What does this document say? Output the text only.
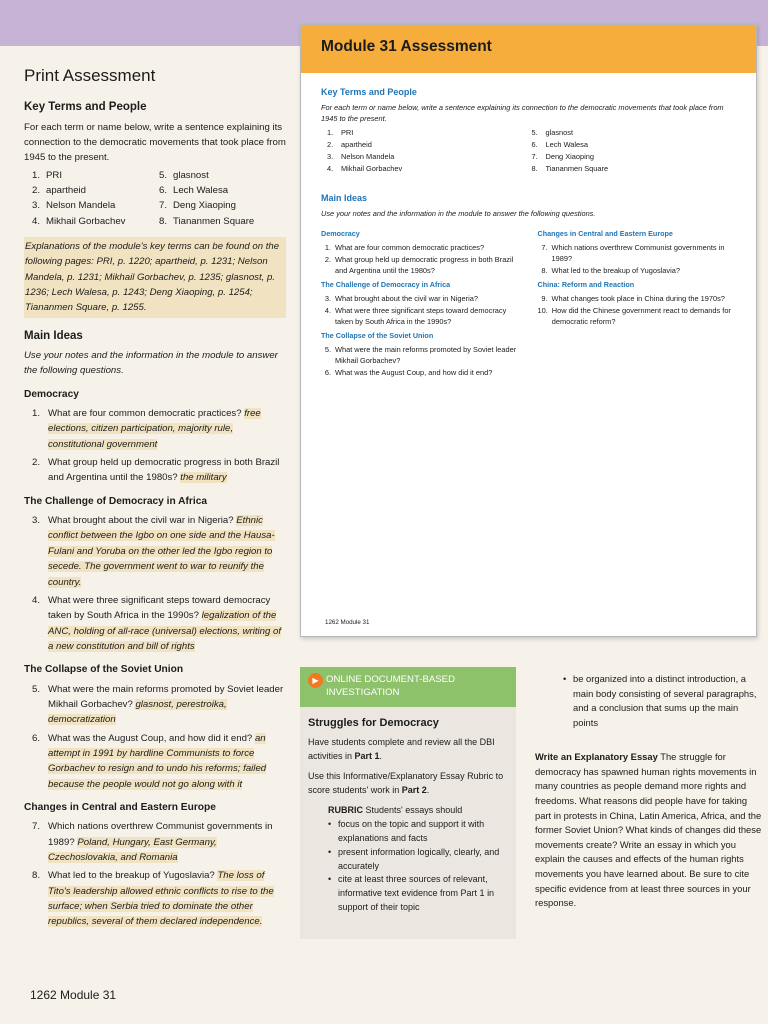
Print Assessment
Key Terms and People

For each term or name below, write a sentence explaining its connection to the democratic movements that took place from 1945 to the present.

1. PRI	5. glasnost
2. apartheid	6. Lech Walesa
3. Nelson Mandela	7. Deng Xiaoping
4. Mikhail Gorbachev	8. Tiananmen Square

Explanations of the module's key terms can be found on the following pages: PRI, p. 1220; apartheid, p. 1231; Nelson Mandela, p. 1231; Mikhail Gorbachev, p. 1235; glasnost, p. 1236; Lech Walesa, p. 1243; Deng Xiaoping, p. 1254; Tiananmen Square, p. 1255.

Main Ideas

Use your notes and the information in the module to answer the following questions.

Democracy
1. What are four common democratic practices? free elections, citizen participation, majority rule, constitutional government
2. What group held up democratic progress in both Brazil and Argentina until the 1980s? the military
The Challenge of Democracy in Africa
3. What brought about the civil war in Nigeria? Ethnic conflict between the Igbo on one side and the Hausa-Fulani and Yoruba on the other led the Igbo region to secede. The government went to war to reunify the country.
4. What were three significant steps toward democracy taken by South Africa in the 1990s? legalization of the ANC, holding of all-race (universal) elections, writing of a new constitution and bill of rights
The Collapse of the Soviet Union
5. What were the main reforms promoted by Soviet leader Mikhail Gorbachev? glasnost, perestroika, democratization
6. What was the August Coup, and how did it end? an attempt in 1991 by hardline Communists to force Gorbachev to resign and to undo his reforms; failed because the people would not go along with it
Changes in Central and Eastern Europe
7. Which nations overthrew Communist governments in 1989? Poland, Hungary, East Germany, Czechoslovakia, and Romania
8. What led to the breakup of Yugoslavia? The loss of Tito's leadership allowed ethnic conflicts to rise to the surface; when Serbia tried to dominate the other republics, several of them declared independence.
Module 31 Assessment
Key Terms and People

For each term or name below, write a sentence explaining its connection to the democratic movements that took place from 1945 to the present.

1. PRI	5. glasnost
2. apartheid	6. Lech Walesa
3. Nelson Mandela	7. Deng Xiaoping
4. Mikhail Gorbachev	8. Tiananmen Square
Main Ideas

Use your notes and the information in the module to answer the following questions.

Democracy
1. What are four common democratic practices?
2. What group held up democratic progress in both Brazil and Argentina until the 1980s?
The Challenge of Democracy in Africa
3. What brought about the civil war in Nigeria?
4. What were three significant steps toward democracy taken by South Africa in the 1990s?
The Collapse of the Soviet Union
5. What were the main reforms promoted by Soviet leader Mikhail Gorbachev?
6. What was the August Coup, and how did it end?
Changes in Central and Eastern Europe
7. Which nations overthrew Communist governments in 1989?
8. What led to the breakup of Yugoslavia?
China: Reform and Reaction
9. What changes took place in China during the 1970s?
10. How did the Chinese government react to demands for democratic reform?
1262 Module 31
▶ ONLINE DOCUMENT-BASED INVESTIGATION
Struggles for Democracy

Have students complete and review all the DBI activities in Part 1.

Use this Informative/Explanatory Essay Rubric to score students' work in Part 2.

RUBRIC Students' essays should

• focus on the topic and support it with explanations and facts
• present information logically, clearly, and accurately
• cite at least three sources of relevant, informative text evidence from Part 1 in support of their topic
• be organized into a distinct introduction, a main body consisting of several paragraphs, and a conclusion that sums up the main points

Write an Explanatory Essay The struggle for democracy has spawned human rights movements in many countries as people demand more rights and freedoms. What reasons did people have for taking part in protests in China, Latin America, Africa, and the former Soviet Union? What kinds of changes did these movements create? Write an essay in which you explain the causes and effects of the human rights movements you have learned about. Be sure to cite specific evidence from at least three sources in your response.

1262 Module 31
